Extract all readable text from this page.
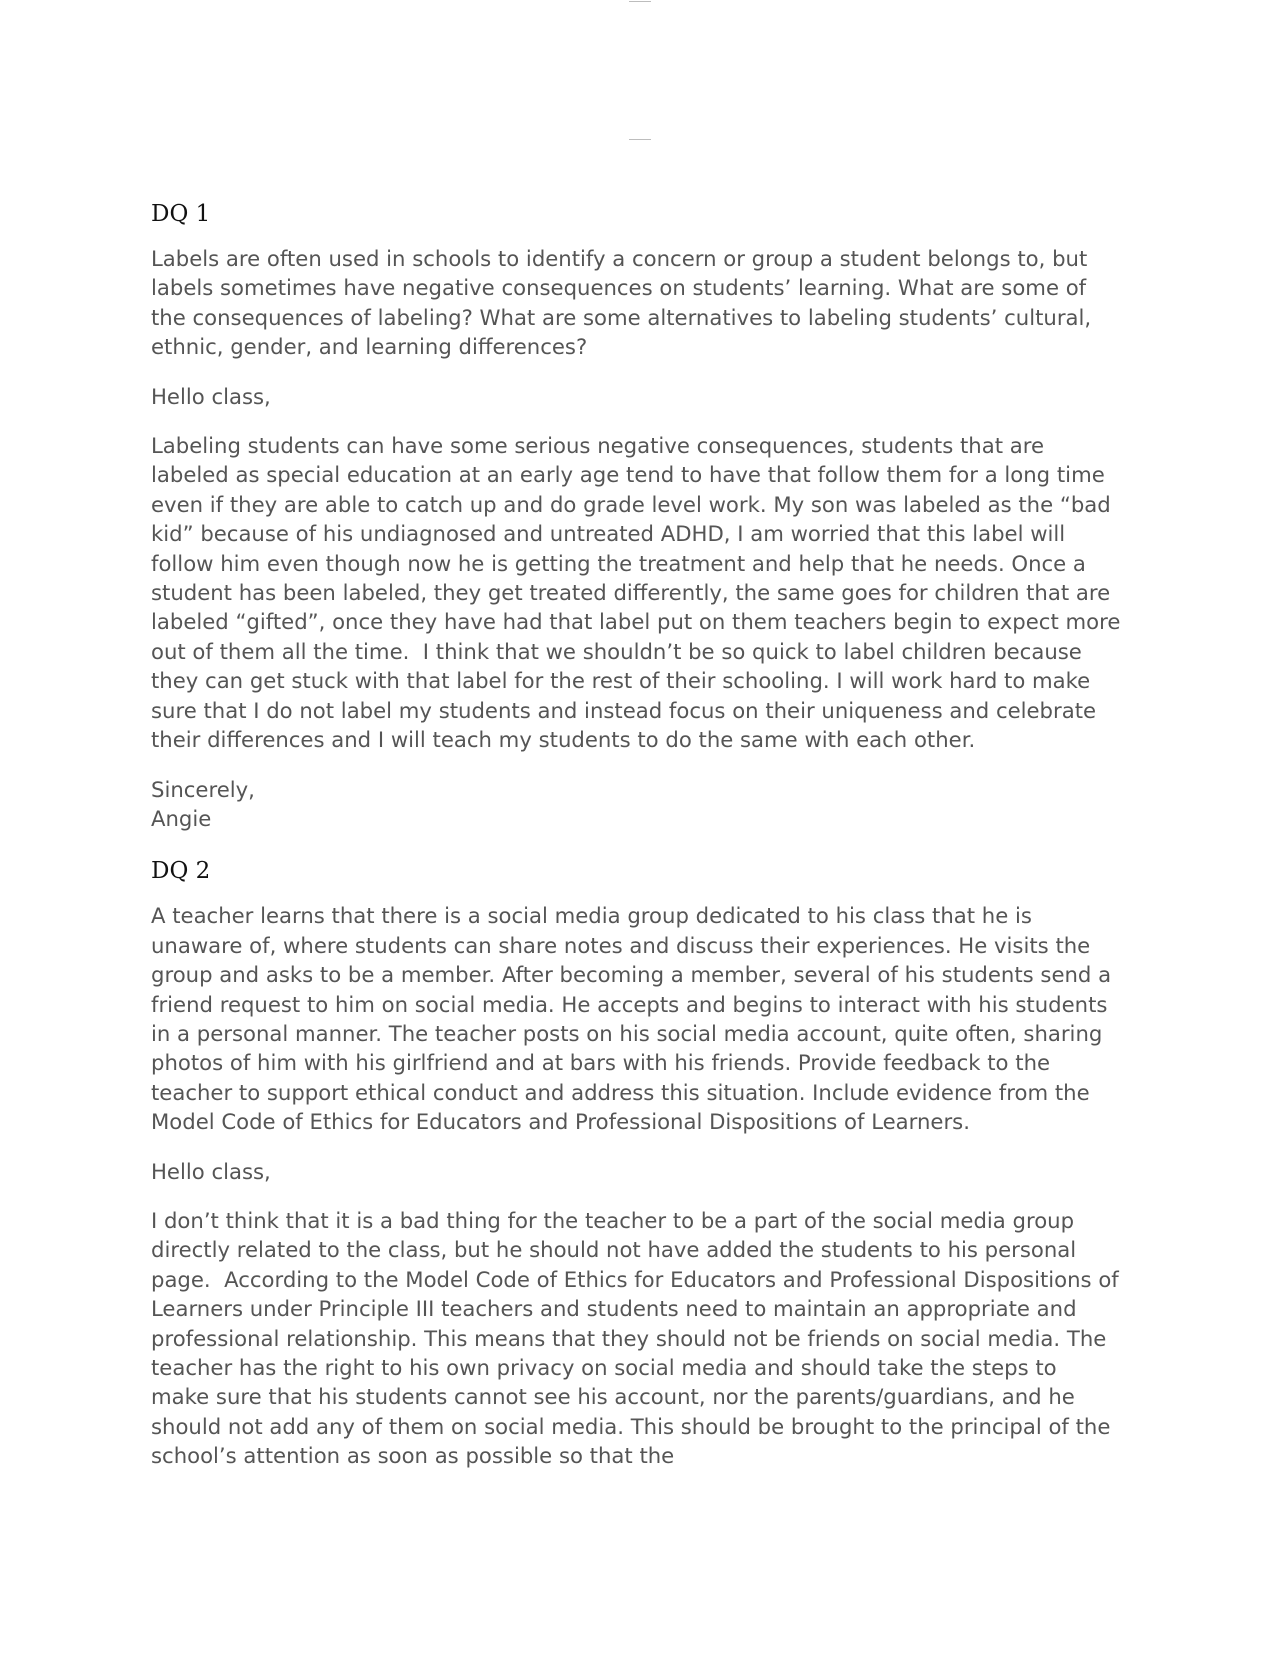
DQ 1

Labels are often used in schools to identify a concern or group a student belongs to, but labels sometimes have negative consequences on students’ learning. What are some of the consequences of labeling? What are some alternatives to labeling students’ cultural, ethnic, gender, and learning differences?

Hello class,

Labeling students can have some serious negative consequences, students that are labeled as special education at an early age tend to have that follow them for a long time even if they are able to catch up and do grade level work. My son was labeled as the “bad kid” because of his undiagnosed and untreated ADHD, I am worried that this label will follow him even though now he is getting the treatment and help that he needs. Once a student has been labeled, they get treated differently, the same goes for children that are labeled “gifted”, once they have had that label put on them teachers begin to expect more out of them all the time.  I think that we shouldn’t be so quick to label children because they can get stuck with that label for the rest of their schooling. I will work hard to make sure that I do not label my students and instead focus on their uniqueness and celebrate their differences and I will teach my students to do the same with each other.

Sincerely,
Angie

DQ 2

A teacher learns that there is a social media group dedicated to his class that he is unaware of, where students can share notes and discuss their experiences. He visits the group and asks to be a member. After becoming a member, several of his students send a friend request to him on social media. He accepts and begins to interact with his students in a personal manner. The teacher posts on his social media account, quite often, sharing photos of him with his girlfriend and at bars with his friends. Provide feedback to the teacher to support ethical conduct and address this situation. Include evidence from the Model Code of Ethics for Educators and Professional Dispositions of Learners.

Hello class,

I don’t think that it is a bad thing for the teacher to be a part of the social media group directly related to the class, but he should not have added the students to his personal page.  According to the Model Code of Ethics for Educators and Professional Dispositions of Learners under Principle III teachers and students need to maintain an appropriate and professional relationship. This means that they should not be friends on social media. The teacher has the right to his own privacy on social media and should take the steps to make sure that his students cannot see his account, nor the parents/guardians, and he should not add any of them on social media. This should be brought to the principal of the school’s attention as soon as possible so that the
